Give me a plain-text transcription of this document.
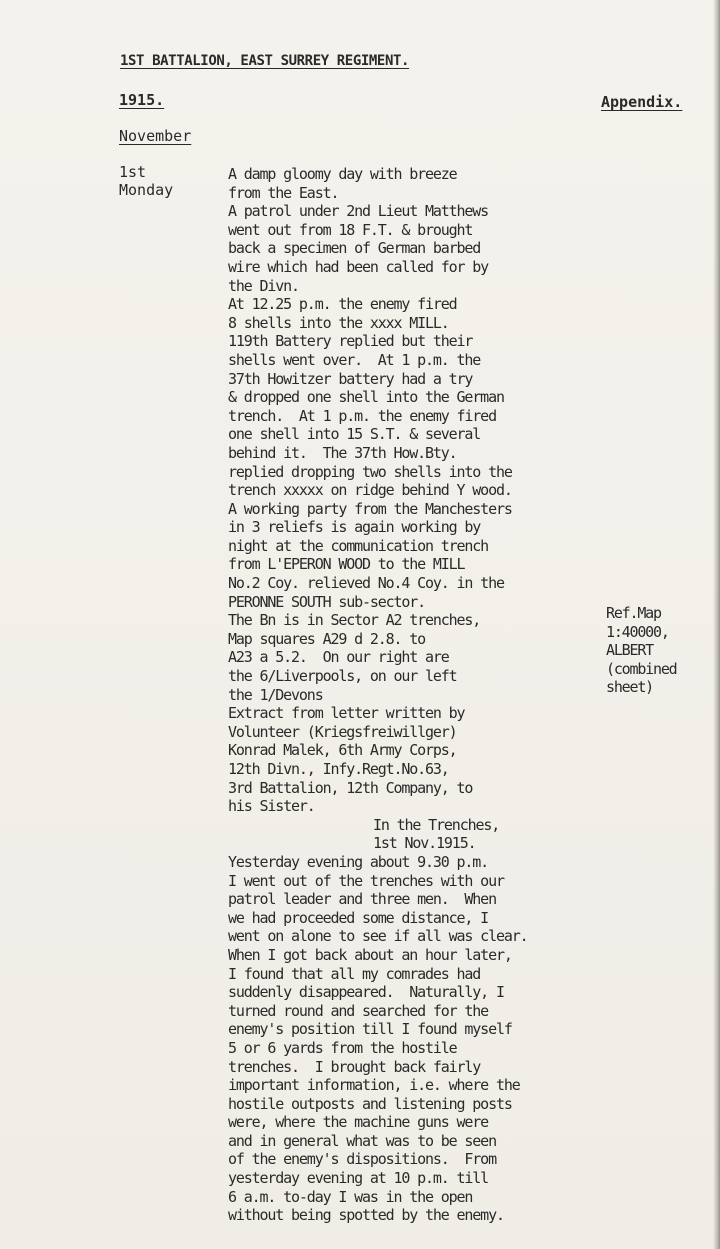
1ST BATTALION, EAST SURREY REGIMENT.
1915.	Appendix.
November
1st
Monday
A damp gloomy day with breeze
from the East.
A patrol under 2nd Lieut Matthews
went out from 18 F.T. & brought
back a specimen of German barbed
wire which had been called for by
the Divn.
At 12.25 p.m. the enemy fired
8 shells into the xxxx MILL.
119th Battery replied but their
shells went over.  At 1 p.m. the
37th Howitzer battery had a try
& dropped one shell into the German
trench.  At 1 p.m. the enemy fired
one shell into 15 S.T. & several
behind it.  The 37th How.Bty.
replied dropping two shells into the
trench xxxxx on ridge behind Y wood.
A working party from the Manchesters
in 3 reliefs is again working by
night at the communication trench
from L'EPERON WOOD to the MILL
No.2 Coy. relieved No.4 Coy. in the
PERONNE SOUTH sub-sector.
The Bn is in Sector A2 trenches,
Map squares A29 d 2.8. to
A23 a 5.2.  On our right are
the 6/Liverpools, on our left
the 1/Devons
Extract from letter written by
Volunteer (Kriegsfreiwillger)
Konrad Malek, 6th Army Corps,
12th Divn., Infy.Regt.No.63,
3rd Battalion, 12th Company, to
his Sister.
In the Trenches,
1st Nov.1915.
Yesterday evening about 9.30 p.m.
I went out of the trenches with our
patrol leader and three men.  When
we had proceeded some distance, I
went on alone to see if all was clear.
When I got back about an hour later,
I found that all my comrades had
suddenly disappeared.  Naturally, I
turned round and searched for the
enemy's position till I found myself
5 or 6 yards from the hostile
trenches.  I brought back fairly
important information, i.e. where the
hostile outposts and listening posts
were, where the machine guns were
and in general what was to be seen
of the enemy's dispositions.  From
yesterday evening at 10 p.m. till
6 a.m. to-day I was in the open
without being spotted by the enemy.
Ref.Map
1:40000,
ALBERT
(combined
sheet)
